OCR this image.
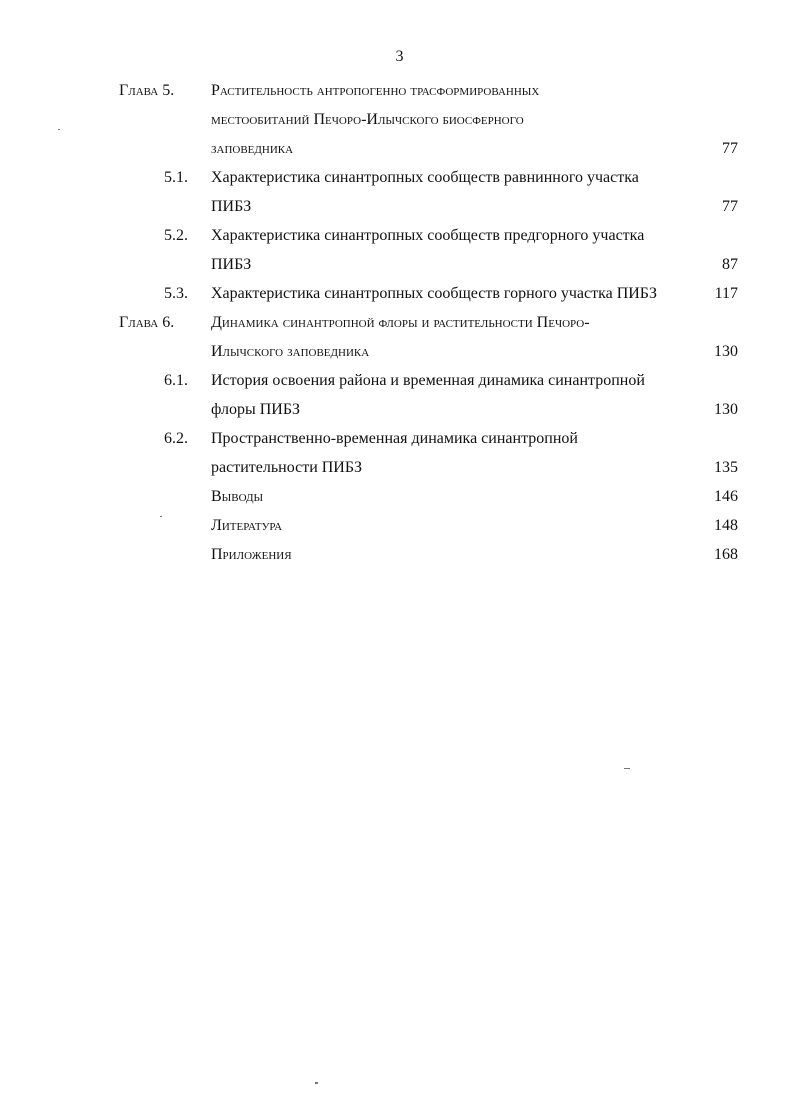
3
Глава 5. Растительность антропогенно трасформированных
местообитаний Печоро-Илычского биосферного
заповедника	77
5.1. Характеристика синантропных сообществ равнинного участка
ПИБЗ	77
5.2. Характеристика синантропных сообществ предгорного участка
ПИБЗ	87
5.3. Характеристика синантропных сообществ горного участка ПИБЗ	117
Глава 6. Динамика синантропной флоры и растительности Печоро-
Илычского заповедника	130
6.1. История освоения района и временная динамика синантропной
флоры ПИБЗ	130
6.2. Пространственно-временная динамика синантропной
растительности ПИБЗ	135
Выводы	146
Литература	148
Приложения	168
